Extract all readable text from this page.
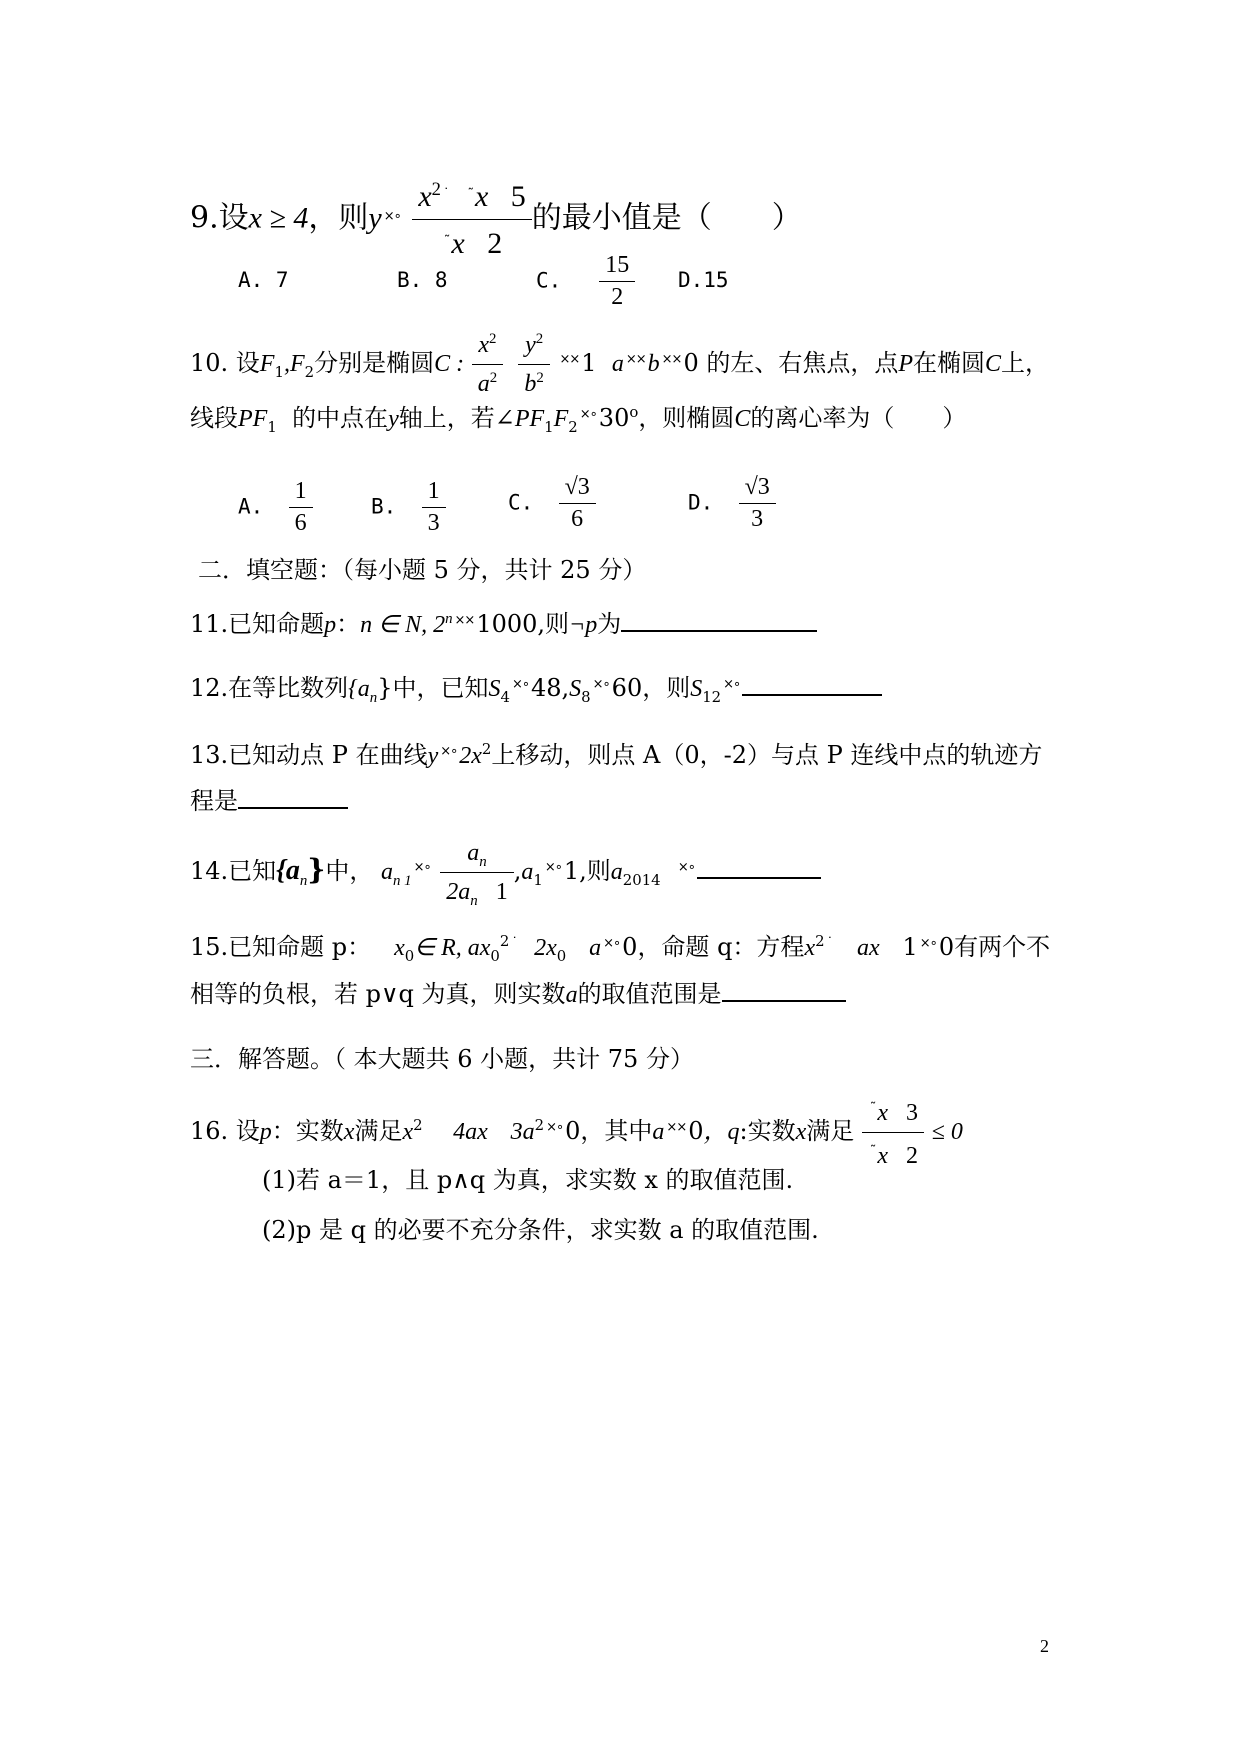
9.设x ≥ 4，则y $^{\times\circ} \frac{x^2 ^˙ ^˜x 5}{^˜x 2}$ 的最小值是（　　）
A. 7	B. 8	C. $\frac{15}{2} D.15$
10. 设$F_1,F_2$分别是椭圆C : $\frac{x^2}{a^2}$
$\frac{y^2}{b^2} ^{\times\times}1$ a ××b ××0 的左、右焦点，点P在椭圆C上，
线段$PF_1$ 的中点在y轴上，若$\angle PF_1F_2^{\times\circ}30^o$，则椭圆C的离心率为（　　）
A. $\frac{1}{6}$	B. $\frac{1}{3}$	C. $\frac{√3}{6}$	D. $\frac{√3}{3}$
二．填空题：（每小题 5 分，共计 25 分）
11.已知命题p：n ∈ N, 2$^n$ ××1000,则¬p为
12.在等比数列$\{a_n\}$中，已知$S_4^{\times\circ}48,S_8^{\times\circ}60$，则$S_{12}^{\times\circ}$
13.已知动点 P 在曲线y $^{\times\circ}2x^2$上移动，则点 A（0，-2）与点 P 连线中点的轨迹方
程是
14.已知$\{a_n\}$中， $a_{n 1}^{\times\circ} \frac{a_n}{2a_n 1} ,a_1^{\times\circ}1$,则$a_{2014}$  ×∘
15.已知命题 p： $x_0\in$ R, $ax_0^2$ ˙ $2x_0$ a ×∘0，命题 q：方程$x^2$ ˙ ax 1 ×∘0有两个不
相等的负根，若 p∨q 为真，则实数a的取值范围是
三．解答题。（ 本大题共 6 小题，共计 75 分）
16. 设p：实数x满足$x^2$ 4ax $3a^2$ ×∘0，其中a ××0，q:实数x满足 $\frac{^˜x 3}{^˜x 2} \le 0$
(1)若 a＝1，且 p∧q 为真，求实数 x 的取值范围.
(2)p 是 q 的必要不充分条件，求实数 a 的取值范围.
2
